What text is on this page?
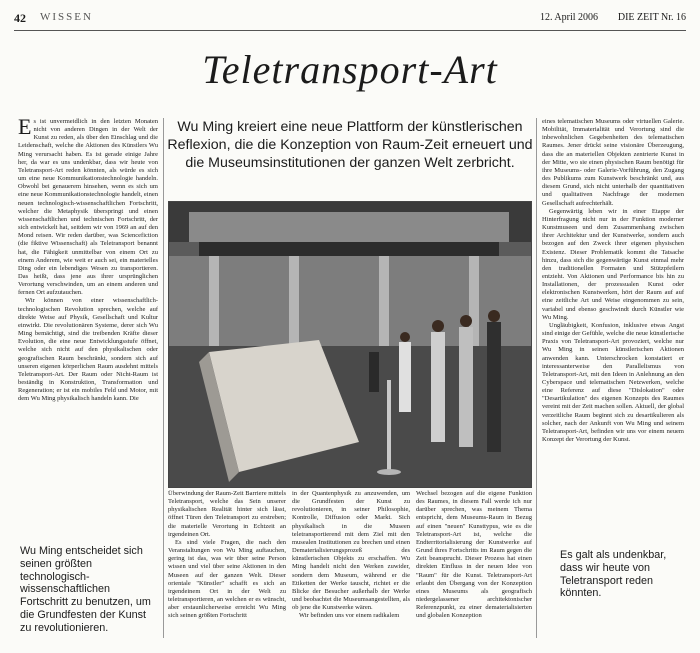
42 WISSEN	12. April 2006 DIE ZEIT Nr. 16
Teletransport-Art
Wu Ming kreiert eine neue Plattform der künstlerischen Reflexion, die die Konzeption von Raum-Zeit erneuert und die Museumsinstitutionen der ganzen Welt zerbricht.

Es ist unvermeidlich in den letzten Monaten nicht von anderen Dingen in der Welt der Kunst zu reden, als über den Einschlag und die Leidenschaft, welche die Aktionen des Künstlers Wu Ming verursacht haben. Es ist gerade einige Jahre her, da war es uns undenkbar, dass wir heute von Teletransport-Art reden könnten, als würde es sich um eine neue Kommunikationstechnologie handeln. Obwohl bei genauerem hinsehen, wenn es sich um eine neue Kommunikationstechnologie handelt, einen neuen technologisch-wissenschaftlichen Fortschritt, welcher die Metaphysik überspringt und einen wissenschaftlichen und technischen Fortschritt, der sich entwickelt hat, seitdem wir von 1969 an auf den Mond reisen. Wir reden darüber, was Sciencefiction (die fiktive Wissenschaft) als Teletransport benannt hat, die Fähigkeit unmittelbar von einem Ort zu einem Anderem, wie weit er auch sei, ein materielles Ding oder ein lebendiges Wesen zu transportieren. Das heißt, dass jene aus ihrer ursprünglichen Verortung verschwinden, um an einem anderen und fernen Ort aufzutauchen.

Wir können von einer wissenschaftlich-technologischen Revolution sprechen, welche auf direkte Weise auf Physik, Gesellschaft und Kultur einwirkt. Die revolutionären Systeme, derer sich Wu Ming bemächtigt, sind die treibenden Kräfte dieser Evolution, die eine neue Entwicklungsstufe öffnet, welche sich nicht auf den physikalischen oder geografischen Raum beschränkt, sondern sich auf unseren eigenen körperlichen Raum ausdehnt mittels Teletransport-Art. Der Raum oder Nicht-Raum ist beständig in Konstruktion, Transformation und Regeneration; er ist ein mobiles Feld und Motor, mit dem Wu Ming physikalisch handeln kann. Die

Wu Ming entscheidet sich seinen größten technologisch-wissenschaftlichen Fortschritt zu benutzen, um die Grundfesten der Kunst zu revolutionieren.

Überwindung der Raum-Zeit Barriere mittels Teletransport, welche das Sein unserer physikalischen Realität hinter sich lässt, öffnet Türen den Teletransport zu erstreben; die materielle Verortung in Echtzeit an irgendeinen Ort.

Es sind viele Fragen, die nach den Veranstaltungen von Wu Ming auftauchen, gering ist das, was wir über seine Person wissen und viel über seine Aktionen in den Museen auf der ganzen Welt. Dieser orientale "Künstler" schafft es sich an irgendeinem Ort in der Welt zu teletransportieren, an welchen er es wünscht, aber erstaunlicherweise erreicht Wu Ming sich seinen größten Fortschritt

in der Quantenphysik zu anzuwenden, um die Grundfesten der Kunst zu revolutionieren, in seiner Philosophie, Kontrolle, Diffusion oder Markt. Sich physikalisch in die Museen teletransportierend mit dem Ziel mit den musealen Institutionen zu brechen und einen Dematerialisierungsprozeß des künstlerischen Objekts zu erschaffen. Wu Ming handelt nicht den Werken zuwider, sondern dem Museum, während er die Etiketten der Werke tauscht, richtet er die Blicke der Besucher außerhalb der Werke und beobachtet die Museumsangestellten, als ob jene die Kunstwerke wären.

Wir befinden uns vor einem radikalem

Wechsel bezogen auf die eigene Funktion des Raumes, in diesem Fall werde ich nur darüber sprechen, was meinem Thema entspricht, dem Museums-Raum in Bezug auf einen "neuen" Kunsttypus, wie es die Teletransport-Art ist, welche die Endterritorialisierung der Kunstwerke auf Grund ihres Fortschritts im Raum gegen die Zeit beansprucht. Dieser Prozess hat einen direkten Einfluss in der neuen Idee von "Raum" für die Kunst. Teletransport-Art erlaubt den Übergang von der Konzeption eines Museums als geografisch niedergelassener architektonischer Referenzpunkt, zu einer dematerialisierten und globalen Konzeption

eines telematischen Museums oder virtuellen Galerie. Mobilität, Immaterialität und Verortung sind die inbewohnlichen Gegebenheiten des telematischen Raumes. Jener drückt seine visionäre Überzeugung, dass die an materiellen Objekten zentrierte Kunst in der Mitte, wo sie einen physischen Raum benötigt für ihre Museums- oder Galerie-Vorführung, den Zugang des Publikums zum Kunstwerk beschränkt und, aus diesem Grund, sich nicht unterhalb der quantitativen und qualitativen Nachfrage der modernen Gesellschaft aufrechterhält.

Gegenwärtig leben wir in einer Etappe der Hinterfragung nicht nur in der Funktion moderner Kunstmuseen und dem Zusammenhang zwischen ihrer Architektur und der Kunstwerke, sondern auch bezogen auf den Zweck ihrer eigenen physischen Existenz. Dieser Problematik kommt die Tatsache hinzu, dass sich die gegenwärtige Kunst einmal mehr den traditionellen Formaten und Stützpfeilern entzieht. Von Aktionen und Performance bis hin zu Installationen, der prozessualen Kunst oder elektronischen Kunstwerken, hört der Raum auf auf eine zeitliche Art und Weise eingenommen zu sein, variabel und ebenso geschwindt durch Künstler wie Wu Ming.

Ungläubigkeit, Konfusion, inklusive etwas Angst sind einige der Gefühle, welche die neue künstlerische Praxis von Teletransport-Art provoziert, welche nur Wu Ming in seinen künstlerischen Aktionen anwenden kann. Unterschrocken konstatiert er interessanterweise den Parallelismus von Teletransport-Art, mit den Ideen in Anlehnung an den Cyberspace und telematischen Netzwerken, welche eine Referenz auf diese "Dislokation" oder "Desartikulation" des eigenen Konzepts des Raumes vereint mit der Zeit machen sollen. Aktuell, der global verzeitliche Raum beginnt sich zu desartikulieren als solcher, nach der Ankunft von Wu Ming und seinem Teletransport-Art, befinden wir uns vor einem neuem Konzept der Verortung der Kunst.

Es galt als undenkbar, dass wir heute von Teletransport reden könnten.
